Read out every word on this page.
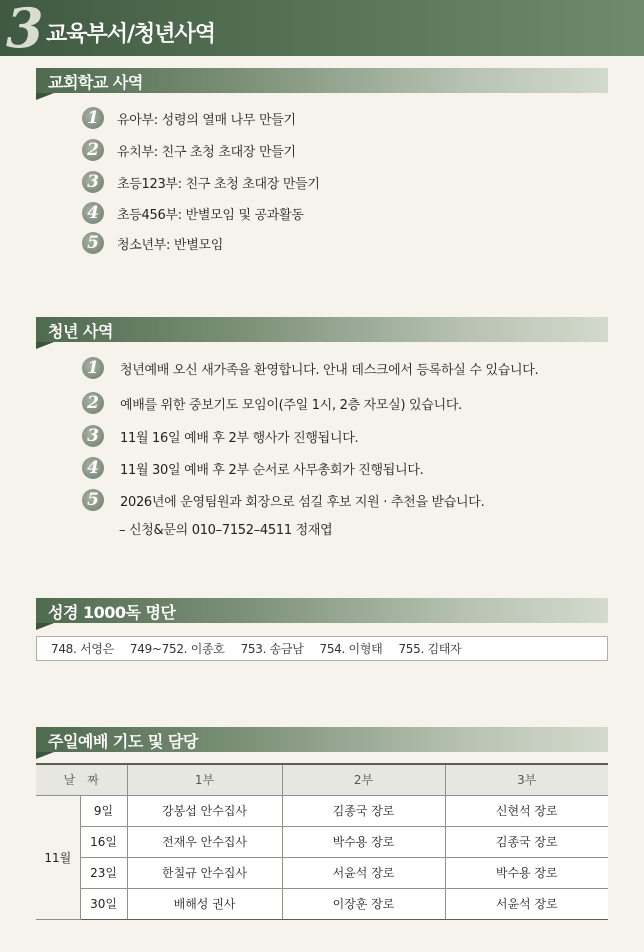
3 교육부서/청년사역
교회학교 사역
1	유아부: 성령의 열매 나무 만들기
2	유치부: 친구 초청 초대장 만들기
3	초등123부: 친구 초청 초대장 만들기
4	초등456부: 반별모임 및 공과활동
5	청소년부: 반별모임
청년 사역
1	청년예배 오신 새가족을 환영합니다. 안내 데스크에서 등록하실 수 있습니다.
2	예배를 위한 중보기도 모임이(주일 1시, 2층 자모실) 있습니다.
3	11월 16일 예배 후 2부 행사가 진행됩니다.
4	11월 30일 예배 후 2부 순서로 사무총회가 진행됩니다.
5	2026년에 운영팀원과 회장으로 섬길 후보 지원 · 추천을 받습니다.
– 신청&문의 010–7152–4511 정재엽
성경 1000독 명단
748. 서영은 749~752. 이종호 753. 송금남 754. 이형태 755. 김태자
주일예배 기도 및 담당
날　짜		1부	2부	3부
11월	9일	강봉섭 안수집사	김종국 장로	신현석 장로
	16일	전재우 안수집사	박수용 장로	김종국 장로
	23일	한칠규 안수집사	서윤석 장로	박수용 장로
	30일	배해성 권사	이장훈 장로	서윤석 장로
